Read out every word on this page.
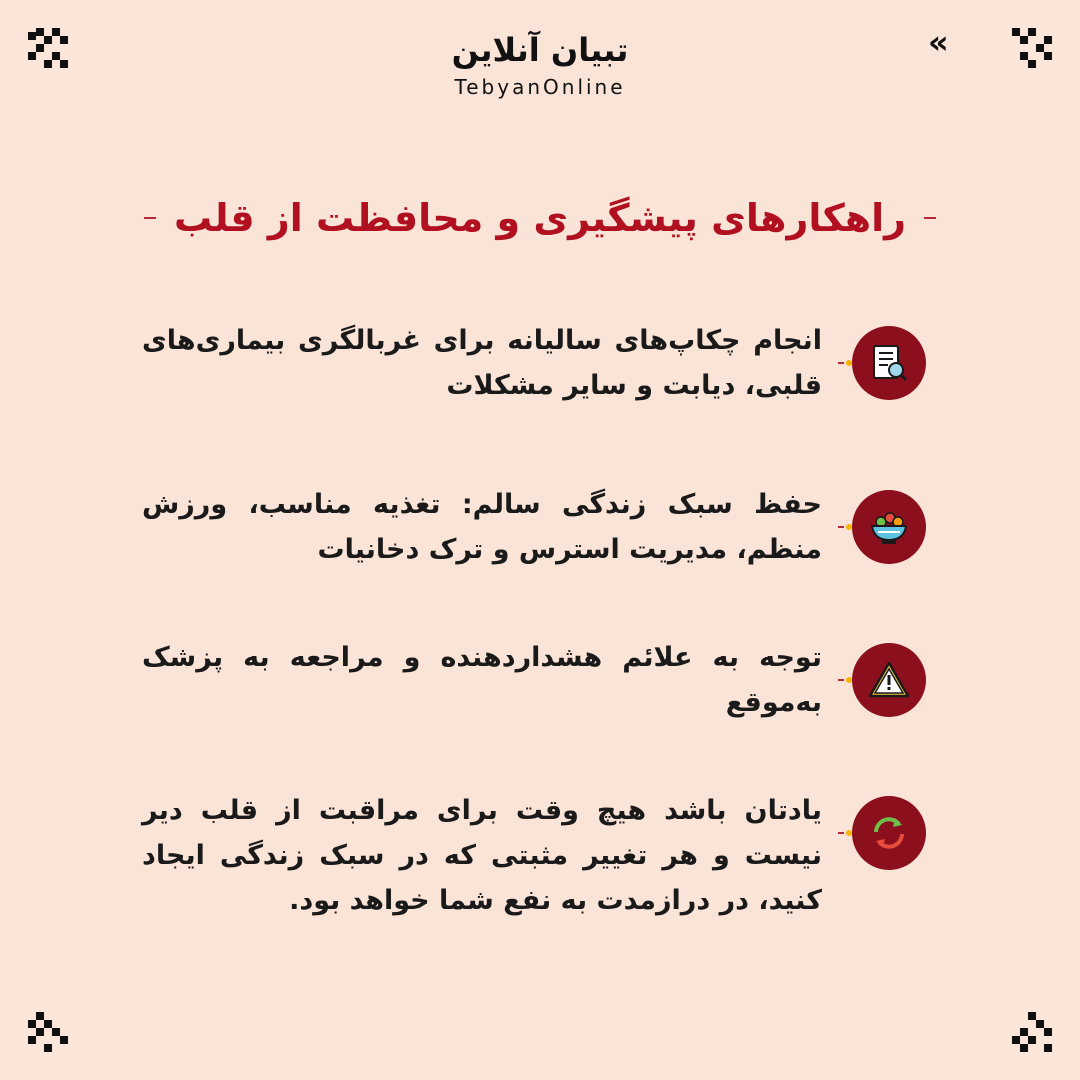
«
تبیان آنلاین
TebyanOnline
راهکارهای پیشگیری و محافظت از قلب
انجام چکاپ‌های سالیانه برای غربالگری بیماری‌های قلبی، دیابت و سایر مشکلات
حفظ سبک زندگی سالم: تغذیه مناسب، ورزش منظم، مدیریت استرس و ترک دخانیات
توجه به علائم هشداردهنده و مراجعه به پزشک به‌موقع
یادتان باشد هیچ وقت برای مراقبت از قلب دیر نیست و هر تغییر مثبتی که در سبک زندگی ایجاد کنید، در درازمدت به نفع شما خواهد بود.
